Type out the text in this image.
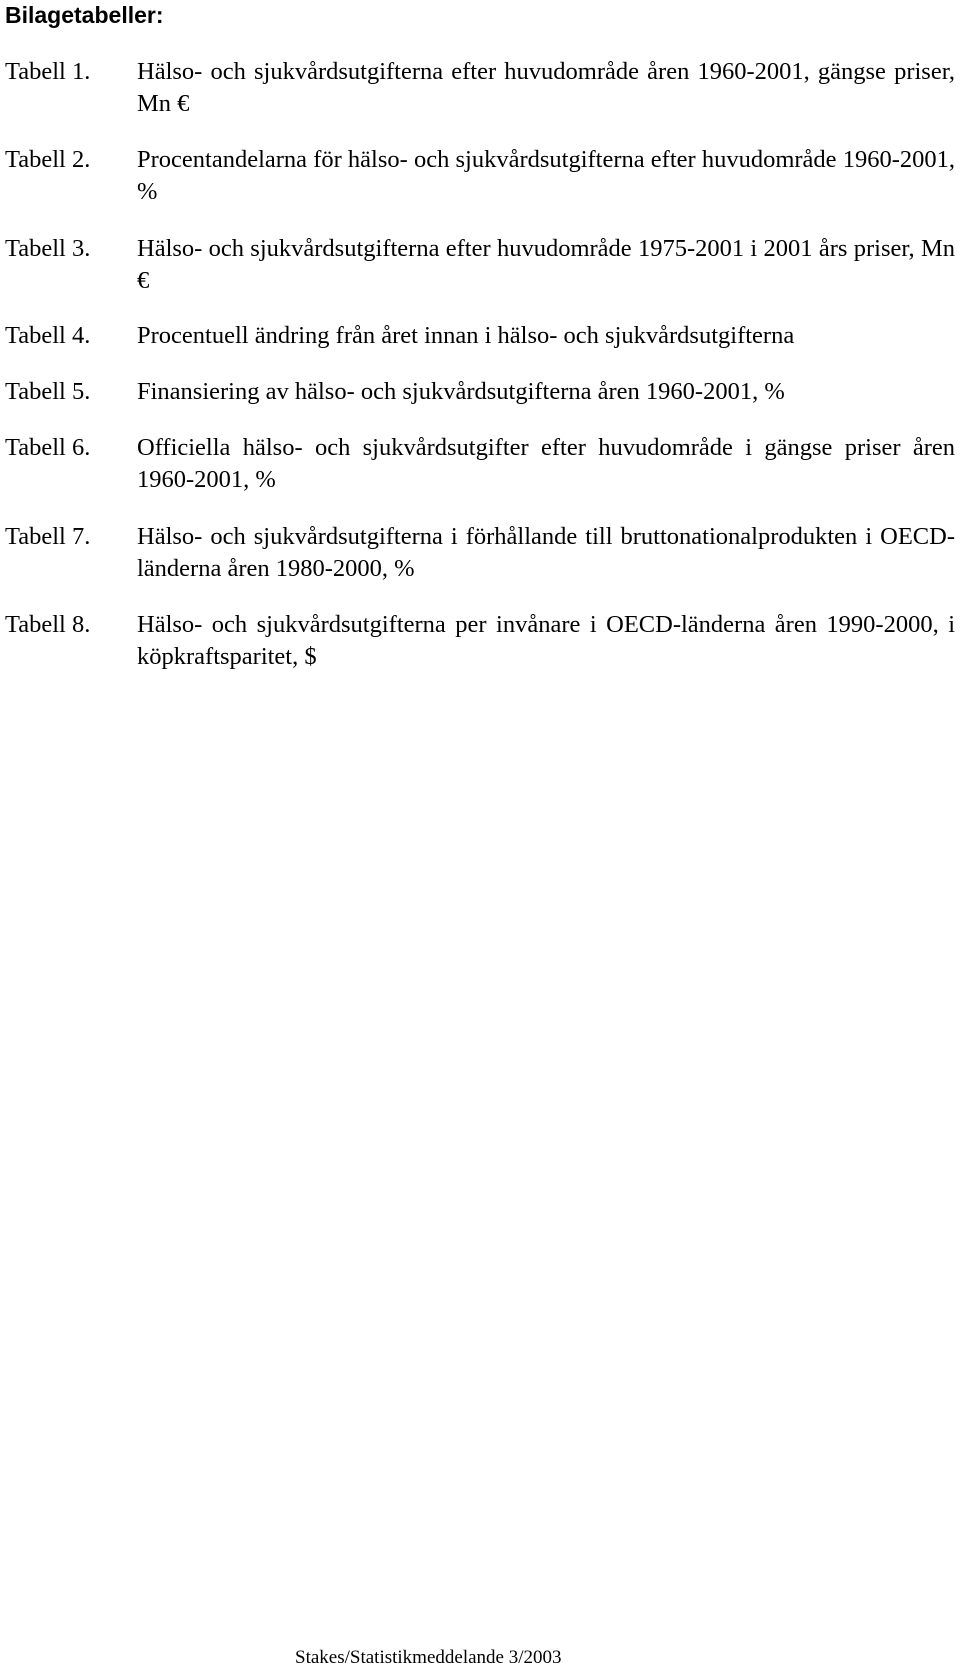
Bilagetabeller:
Tabell 1.	Hälso- och sjukvårdsutgifterna efter huvudområde åren 1960-2001, gängse priser, Mn €
Tabell 2.	Procentandelarna för hälso- och sjukvårdsutgifterna efter huvudområde 1960-2001, %
Tabell 3.	Hälso- och sjukvårdsutgifterna efter huvudområde 1975-2001 i 2001 års priser, Mn €
Tabell 4.	Procentuell ändring från året innan i hälso- och sjukvårdsutgifterna
Tabell 5.	Finansiering av hälso- och sjukvårdsutgifterna åren 1960-2001, %
Tabell 6.	Officiella hälso- och sjukvårdsutgifter efter huvudområde i gängse priser åren 1960-2001, %
Tabell 7.	Hälso- och sjukvårdsutgifterna i förhållande till bruttonationalprodukten i OECD-länderna åren 1980-2000, %
Tabell 8.	Hälso- och sjukvårdsutgifterna per invånare i OECD-länderna åren 1990-2000, i köpkraftsparitet, $
Stakes/Statistikmeddelande 3/2003
